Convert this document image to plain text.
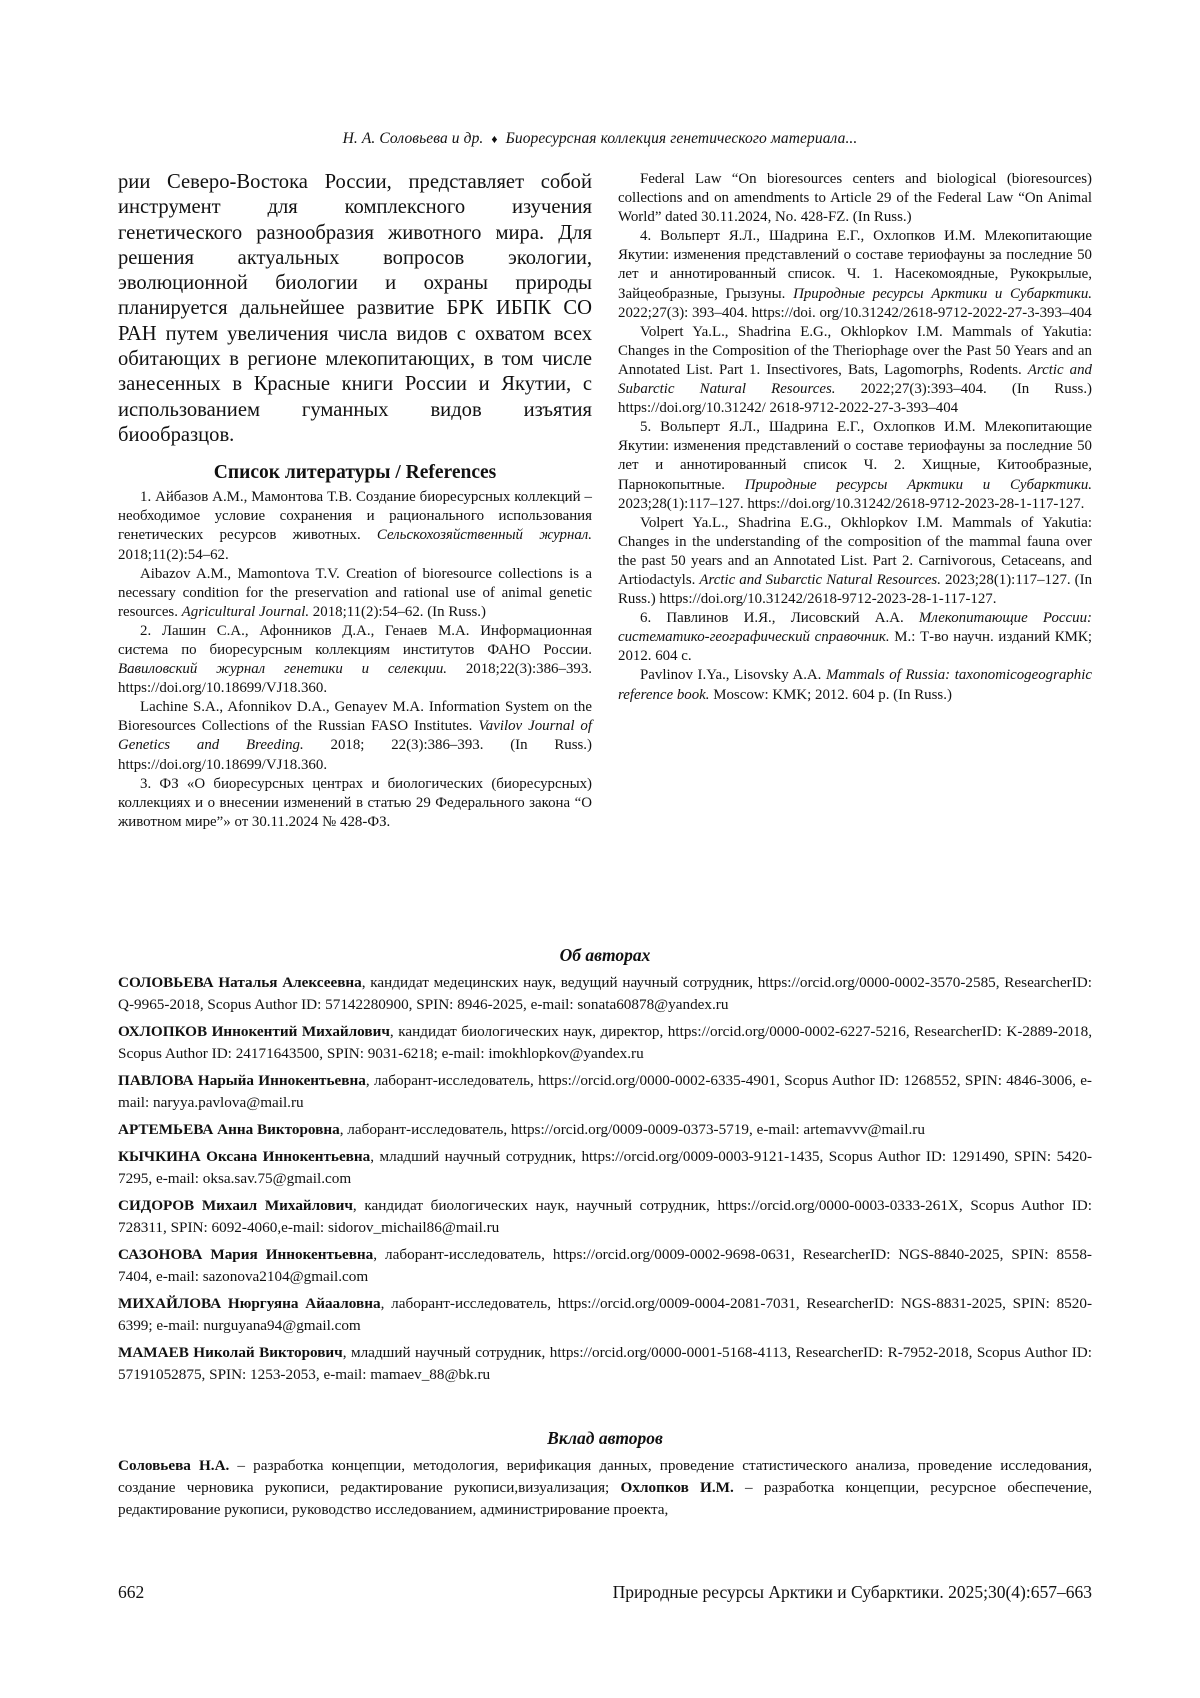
Н. А. Соловьева и др. ♦ Биоресурсная коллекция генетического материала...

рии Северо-Востока России, представляет собой инструмент для комплексного изучения генетического разнообразия животного мира. Для решения актуальных вопросов экологии, эволюционной биологии и охраны природы планируется дальнейшее развитие БРК ИБПК СО РАН путем увеличения числа видов с охватом всех обитающих в регионе млекопитающих, в том числе занесенных в Красные книги России и Якутии, с использованием гуманных видов изъятия биообразцов.

Список литературы / References

1. Айбазов А.М., Мамонтова Т.В. Создание биоресурсных коллекций – необходимое условие сохранения и рационального использования генетических ресурсов животных. Сельскохозяйственный журнал. 2018;11(2):54–62.

Aibazov A.M., Mamontova T.V. Creation of bioresource collections is a necessary condition for the preservation and rational use of animal genetic resources. Agricultural Journal. 2018;11(2):54–62. (In Russ.)

2. Лашин С.А., Афонников Д.А., Генаев М.А. Информационная система по биоресурсным коллекциям институтов ФАНО России. Вавиловский журнал генетики и селекции. 2018;22(3):386–393. https://doi.org/10.18699/VJ18.360.

Lachine S.A., Afonnikov D.A., Genayev M.A. Information System on the Bioresources Collections of the Russian FASO Institutes. Vavilov Journal of Genetics and Breeding. 2018; 22(3):386–393. (In Russ.) https://doi.org/10.18699/VJ18.360.

3. ФЗ «О биоресурсных центрах и биологических (биоресурсных) коллекциях и о внесении изменений в статью 29 Федерального закона “О животном мире”» от 30.11.2024 № 428-ФЗ.

Federal Law “On bioresources centers and biological (bioresources) collections and on amendments to Article 29 of the Federal Law “On Animal World” dated 30.11.2024, No. 428-FZ. (In Russ.)

4. Вольперт Я.Л., Шадрина Е.Г., Охлопков И.М. Млекопитающие Якутии: изменения представлений о составе териофауны за последние 50 лет и аннотированный список. Ч. 1. Насекомоядные, Рукокрылые, Зайцеобразные, Грызуны. Природные ресурсы Арктики и Субарктики. 2022;27(3): 393–404. https://doi. org/10.31242/2618-9712-2022-27-3-393–404

Volpert Ya.L., Shadrina E.G., Okhlopkov I.M. Mammals of Yakutia: Changes in the Composition of the Theriophage over the Past 50 Years and an Annotated List. Part 1. Insectivores, Bats, Lagomorphs, Rodents. Arctic and Subarctic Natural Resources. 2022;27(3):393–404. (In Russ.) https://doi.org/10.31242/ 2618-9712-2022-27-3-393–404

5. Вольперт Я.Л., Шадрина Е.Г., Охлопков И.М. Млекопитающие Якутии: изменения представлений о составе териофауны за последние 50 лет и аннотированный список Ч. 2. Хищные, Китообразные, Парнокопытные. Природные ресурсы Арктики и Субарктики. 2023;28(1):117–127. https://doi.org/10.31242/2618-9712-2023-28-1-117-127.

Volpert Ya.L., Shadrina E.G., Okhlopkov I.M. Mammals of Yakutia: Changes in the understanding of the composition of the mammal fauna over the past 50 years and an Annotated List. Part 2. Carnivorous, Cetaceans, and Artiodactyls. Arctic and Subarctic Natural Resources. 2023;28(1):117–127. (In Russ.) https://doi.org/10.31242/2618-9712-2023-28-1-117-127.

6. Павлинов И.Я., Лисовский А.А. Млекопитающие России: систематико-географический справочник. М.: Т-во научн. изданий КМК; 2012. 604 с.

Pavlinov I.Ya., Lisovsky A.A. Mammals of Russia: taxonomicogeographic reference book. Moscow: KMK; 2012. 604 p. (In Russ.)

Об авторах

СОЛОВЬЕВА Наталья Алексеевна, кандидат медецинских наук, ведущий научный сотрудник, https://orcid.org/0000-0002-3570-2585, ResearcherID: Q-9965-2018, Scopus Author ID: 57142280900, SPIN: 8946-2025, e-mail: sonata60878@yandex.ru

ОХЛОПКОВ Иннокентий Михайлович, кандидат биологических наук, директор, https://orcid.org/0000-0002-6227-5216, ResearcherID: K-2889-2018, Scopus Author ID: 24171643500, SPIN: 9031-6218; e-mail: imokhlopkov@yandex.ru

ПАВЛОВА Нарыйа Иннокентьевна, лаборант-исследователь, https://orcid.org/0000-0002-6335-4901, Scopus Author ID: 1268552, SPIN: 4846-3006, e-mail: naryya.pavlova@mail.ru

АРТЕМЬЕВА Анна Викторовна, лаборант-исследователь, https://orcid.org/0009-0009-0373-5719, e-mail: artemavvv@mail.ru

КЫЧКИНА Оксана Иннокентьевна, младший научный сотрудник, https://orcid.org/0009-0003-9121-1435, Scopus Author ID: 1291490, SPIN: 5420-7295, e-mail: oksa.sav.75@gmail.com

СИДОРОВ Михаил Михайлович, кандидат биологических наук, научный сотрудник, https://orcid.org/0000-0003-0333-261X, Scopus Author ID: 728311, SPIN: 6092-4060,e-mail: sidorov_michail86@mail.ru

САЗОНОВА Мария Иннокентьевна, лаборант-исследователь, https://orcid.org/0009-0002-9698-0631, ResearcherID: NGS-8840-2025, SPIN: 8558-7404, e-mail: sazonova2104@gmail.com

МИХАЙЛОВА Нюргуяна Айааловна, лаборант-исследователь, https://orcid.org/0009-0004-2081-7031, ResearcherID: NGS-8831-2025, SPIN: 8520-6399; e-mail: nurguyana94@gmail.com

МАМАЕВ Николай Викторович, младший научный сотрудник, https://orcid.org/0000-0001-5168-4113, ResearcherID: R-7952-2018, Scopus Author ID: 57191052875, SPIN: 1253-2053, e-mail: mamaev_88@bk.ru

Вклад авторов

Соловьева Н.А. – разработка концепции, методология, верификация данных, проведение статистического анализа, проведение исследования, создание черновика рукописи, редактирование рукописи,визуализация; Охлопков И.М. – разработка концепции, ресурсное обеспечение, редактирование рукописи, руководство исследованием, администрирование проекта,

662	Природные ресурсы Арктики и Субарктики. 2025;30(4):657–663
